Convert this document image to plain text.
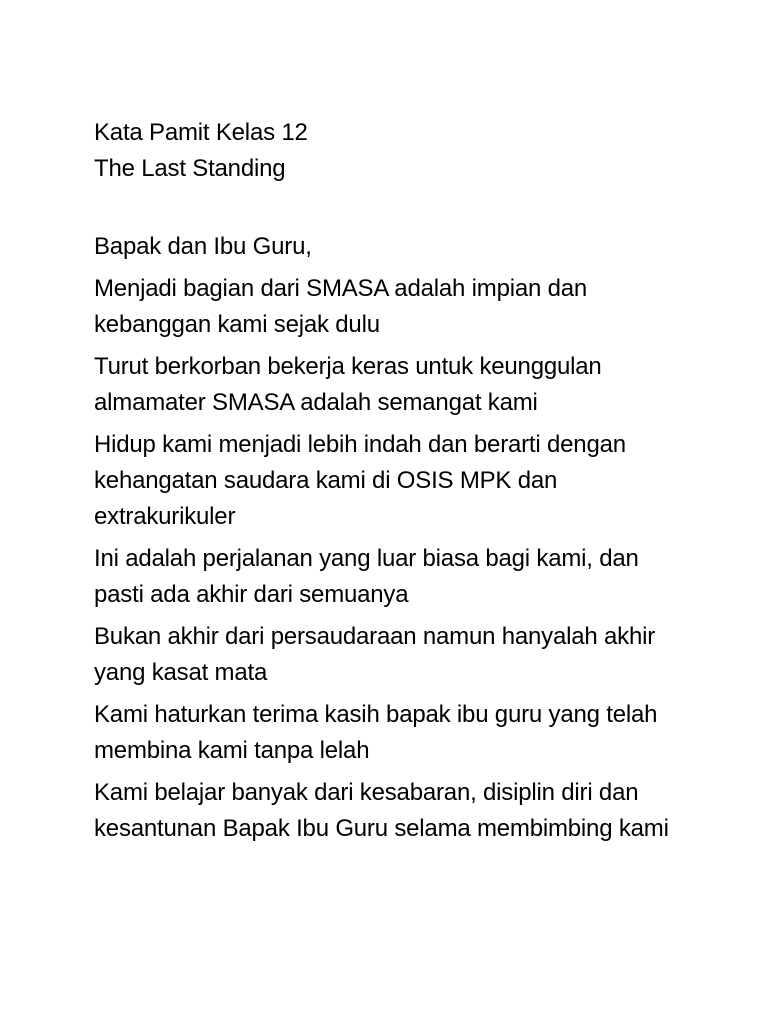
Kata Pamit Kelas 12

The Last Standing

Bapak dan Ibu Guru,

Menjadi bagian dari SMASA adalah impian dan kebanggan kami sejak dulu

Turut berkorban bekerja keras untuk keunggulan almamater SMASA adalah semangat kami

Hidup kami menjadi lebih indah dan berarti dengan kehangatan saudara kami di OSIS MPK dan extrakurikuler

Ini adalah perjalanan yang luar biasa bagi kami, dan pasti ada akhir dari semuanya

Bukan akhir dari persaudaraan namun hanyalah akhir yang kasat mata

Kami haturkan terima kasih bapak ibu guru yang telah membina kami tanpa lelah

Kami belajar banyak dari kesabaran, disiplin diri dan kesantunan Bapak Ibu Guru selama membimbing kami
